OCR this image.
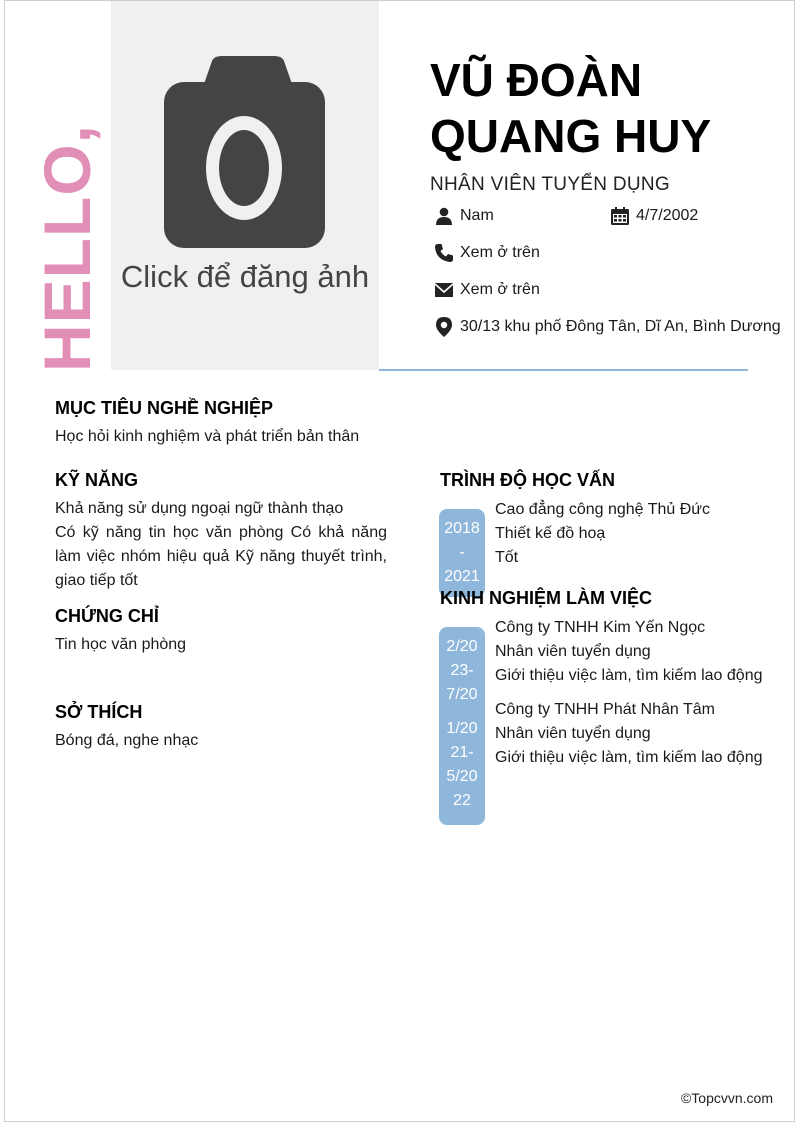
HELLO, Click để đăng ảnh
VŨ ĐOÀN QUANG HUY
NHÂN VIÊN TUYỂN DỤNG
Nam	4/7/2002
Xem ở trên
Xem ở trên
30/13 khu phố Đông Tân, Dĩ An, Bình Dương
MỤC TIÊU NGHỀ NGHIỆP
Học hỏi kinh nghiệm và phát triển bản thân
KỸ NĂNG
Khả năng sử dụng ngoại ngữ thành thạo
Có kỹ năng tin học văn phòng Có khả năng làm việc nhóm hiệu quả Kỹ năng thuyết trình, giao tiếp tốt
CHỨNG CHỈ
Tin học văn phòng
SỞ THÍCH
Bóng đá, nghe nhạc
TRÌNH ĐỘ HỌC VẤN
2018
-
2021
Cao đẳng công nghệ Thủ Đức
Thiết kế đồ hoạ
Tốt
KINH NGHIỆM LÀM VIỆC
2/20
23-
7/20
1/20
21-
5/20
22
Công ty TNHH Kim Yến Ngọc
Nhân viên tuyển dụng
Giới thiệu việc làm, tìm kiếm lao động
Công ty TNHH Phát Nhân Tâm
Nhân viên tuyển dụng
Giới thiệu việc làm, tìm kiếm lao động
©Topcvvn.com
